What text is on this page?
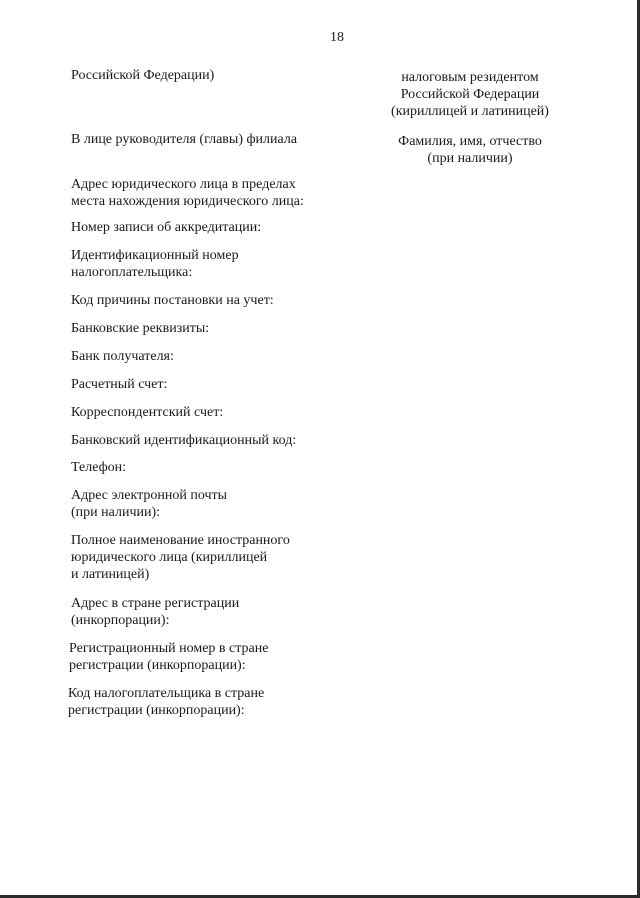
18

Российской Федерации)	налоговым резидентом
Российской Федерации
(кириллицей и латиницей)

В лице руководителя (главы) филиала	Фамилия, имя, отчество
(при наличии)
Адрес юридического лица в пределах
места нахождения юридического лица:
Номер записи об аккредитации:
Идентификационный номер
налогоплательщика:
Код причины постановки на учет:
Банковские реквизиты:
Банк получателя:
Расчетный счет:
Корреспондентский счет:
Банковский идентификационный код:
Телефон:
Адрес электронной почты
(при наличии):
Полное наименование иностранного
юридического лица (кириллицей
и латиницей)
Адрес в стране регистрации
(инкорпорации):
Регистрационный номер в стране
регистрации (инкорпорации):
Код налогоплательщика в стране
регистрации (инкорпорации):
